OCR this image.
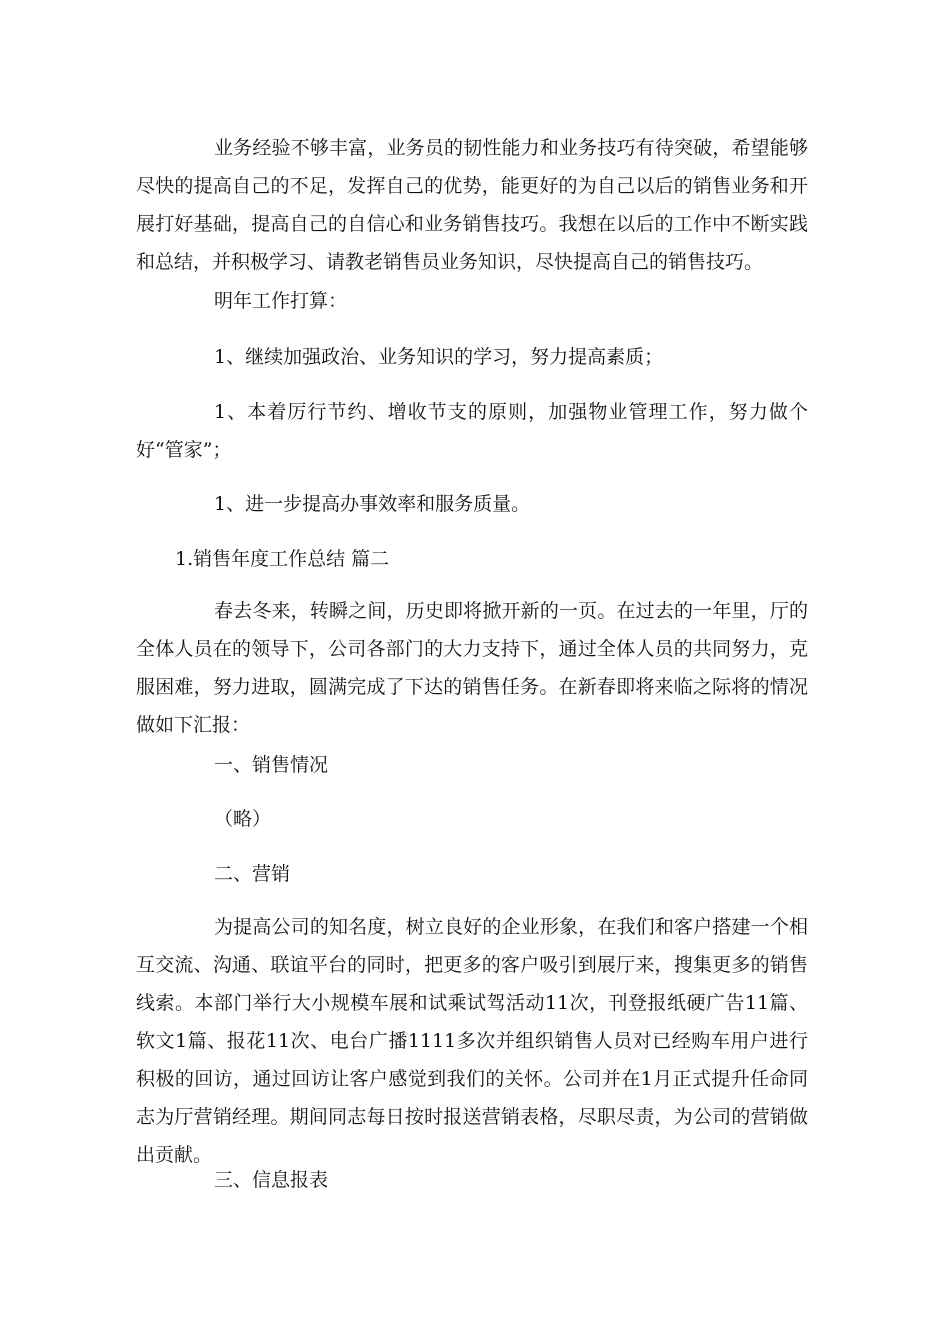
业务经验不够丰富，业务员的韧性能力和业务技巧有待突破，希望能够尽快的提高自己的不足，发挥自己的优势，能更好的为自己以后的销售业务和开展打好基础，提高自己的自信心和业务销售技巧。我想在以后的工作中不断实践和总结，并积极学习、请教老销售员业务知识，尽快提高自己的销售技巧。

明年工作打算：

1、继续加强政治、业务知识的学习，努力提高素质；

1、本着厉行节约、增收节支的原则，加强物业管理工作，努力做个好“管家”；

1、进一步提高办事效率和服务质量。

1.销售年度工作总结 篇二

春去冬来，转瞬之间，历史即将掀开新的一页。在过去的一年里，厅的全体人员在的领导下，公司各部门的大力支持下，通过全体人员的共同努力，克服困难，努力进取，圆满完成了下达的销售任务。在新春即将来临之际将的情况做如下汇报：

一、销售情况

（略）

二、营销

为提高公司的知名度，树立良好的企业形象，在我们和客户搭建一个相互交流、沟通、联谊平台的同时，把更多的客户吸引到展厅来，搜集更多的销售线索。本部门举行大小规模车展和试乘试驾活动11次，刊登报纸硬广告11篇、软文1篇、报花11次、电台广播1111多次并组织销售人员对已经购车用户进行积极的回访，通过回访让客户感觉到我们的关怀。公司并在1月正式提升任命同志为厅营销经理。期间同志每日按时报送营销表格，尽职尽责，为公司的营销做出贡献。

三、信息报表
